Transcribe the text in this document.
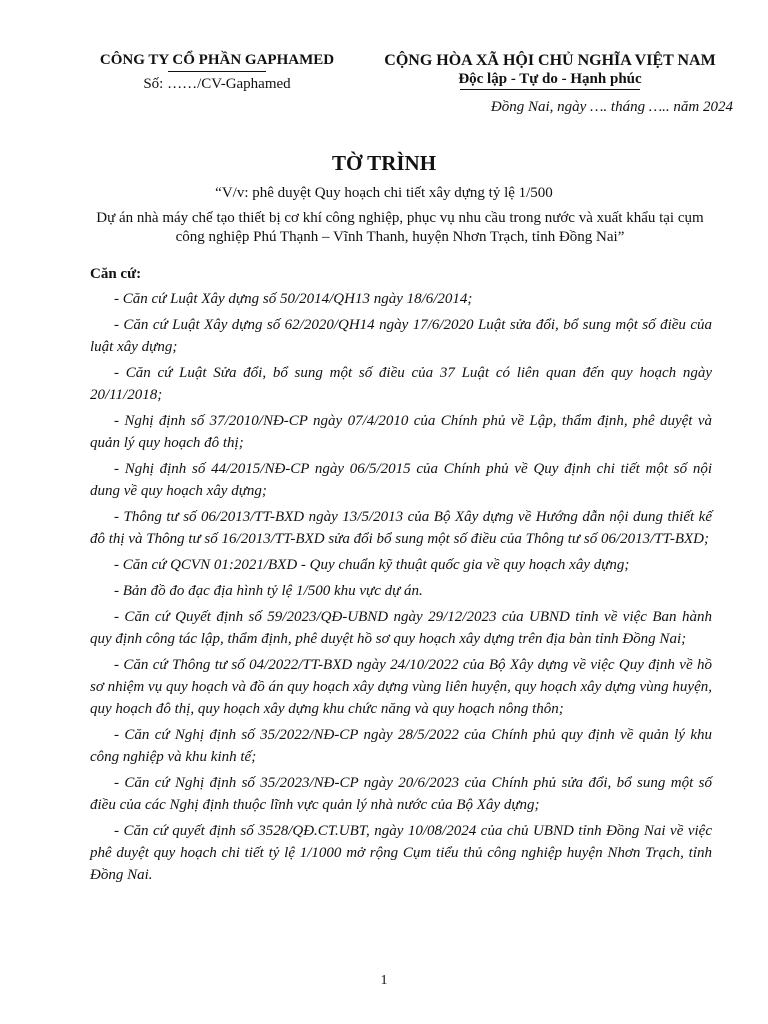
CÔNG TY CỔ PHẦN GAPHAMED
Số: ……/CV-Gaphamed
CỘNG HÒA XÃ HỘI CHỦ NGHĨA VIỆT NAM
Độc lập - Tự do - Hạnh phúc
Đồng Nai, ngày …. tháng ….. năm 2024
TỜ TRÌNH
“V/v: phê duyệt Quy hoạch chi tiết xây dựng tỷ lệ 1/500
Dự án nhà máy chế tạo thiết bị cơ khí công nghiệp, phục vụ nhu cầu trong nước và xuất khẩu tại cụm công nghiệp Phú Thạnh – Vĩnh Thanh, huyện Nhơn Trạch, tỉnh Đồng Nai”
Căn cứ:

- Căn cứ Luật Xây dựng số 50/2014/QH13 ngày 18/6/2014;

- Căn cứ Luật Xây dựng số 62/2020/QH14 ngày 17/6/2020 Luật sửa đổi, bổ sung một số điều của luật xây dựng;

- Căn cứ Luật Sửa đổi, bổ sung một số điều của 37 Luật có liên quan đến quy hoạch ngày 20/11/2018;

- Nghị định số 37/2010/NĐ-CP ngày 07/4/2010 của Chính phủ về Lập, thẩm định, phê duyệt và quản lý quy hoạch đô thị;

- Nghị định số 44/2015/NĐ-CP ngày 06/5/2015 của Chính phủ về Quy định chi tiết một số nội dung về quy hoạch xây dựng;

- Thông tư số 06/2013/TT-BXD ngày 13/5/2013 của Bộ Xây dựng về Hướng dẫn nội dung thiết kế đô thị và Thông tư số 16/2013/TT-BXD sửa đổi bổ sung một số điều của Thông tư số 06/2013/TT-BXD;

- Căn cứ QCVN 01:2021/BXD - Quy chuẩn kỹ thuật quốc gia về quy hoạch xây dựng;

- Bản đồ đo đạc địa hình tỷ lệ 1/500 khu vực dự án.

- Căn cứ Quyết định số 59/2023/QĐ-UBND ngày 29/12/2023 của UBND tỉnh về việc Ban hành quy định công tác lập, thẩm định, phê duyệt hồ sơ quy hoạch xây dựng trên địa bàn tỉnh Đồng Nai;

- Căn cứ Thông tư số 04/2022/TT-BXD ngày 24/10/2022 của Bộ Xây dựng về việc Quy định về hồ sơ nhiệm vụ quy hoạch và đồ án quy hoạch xây dựng vùng liên huyện, quy hoạch xây dựng vùng huyện, quy hoạch đô thị, quy hoạch xây dựng khu chức năng và quy hoạch nông thôn;

- Căn cứ Nghị định số 35/2022/NĐ-CP ngày 28/5/2022 của Chính phủ quy định về quản lý khu công nghiệp và khu kinh tế;

- Căn cứ Nghị định số 35/2023/NĐ-CP ngày 20/6/2023 của Chính phủ sửa đổi, bổ sung một số điều của các Nghị định thuộc lĩnh vực quản lý nhà nước của Bộ Xây dựng;

- Căn cứ quyết định số 3528/QĐ.CT.UBT, ngày 10/08/2024 của chủ UBND tỉnh Đồng Nai về việc phê duyệt quy hoạch chi tiết tỷ lệ 1/1000 mở rộng Cụm tiểu thủ công nghiệp huyện Nhơn Trạch, tỉnh Đồng Nai.

1
